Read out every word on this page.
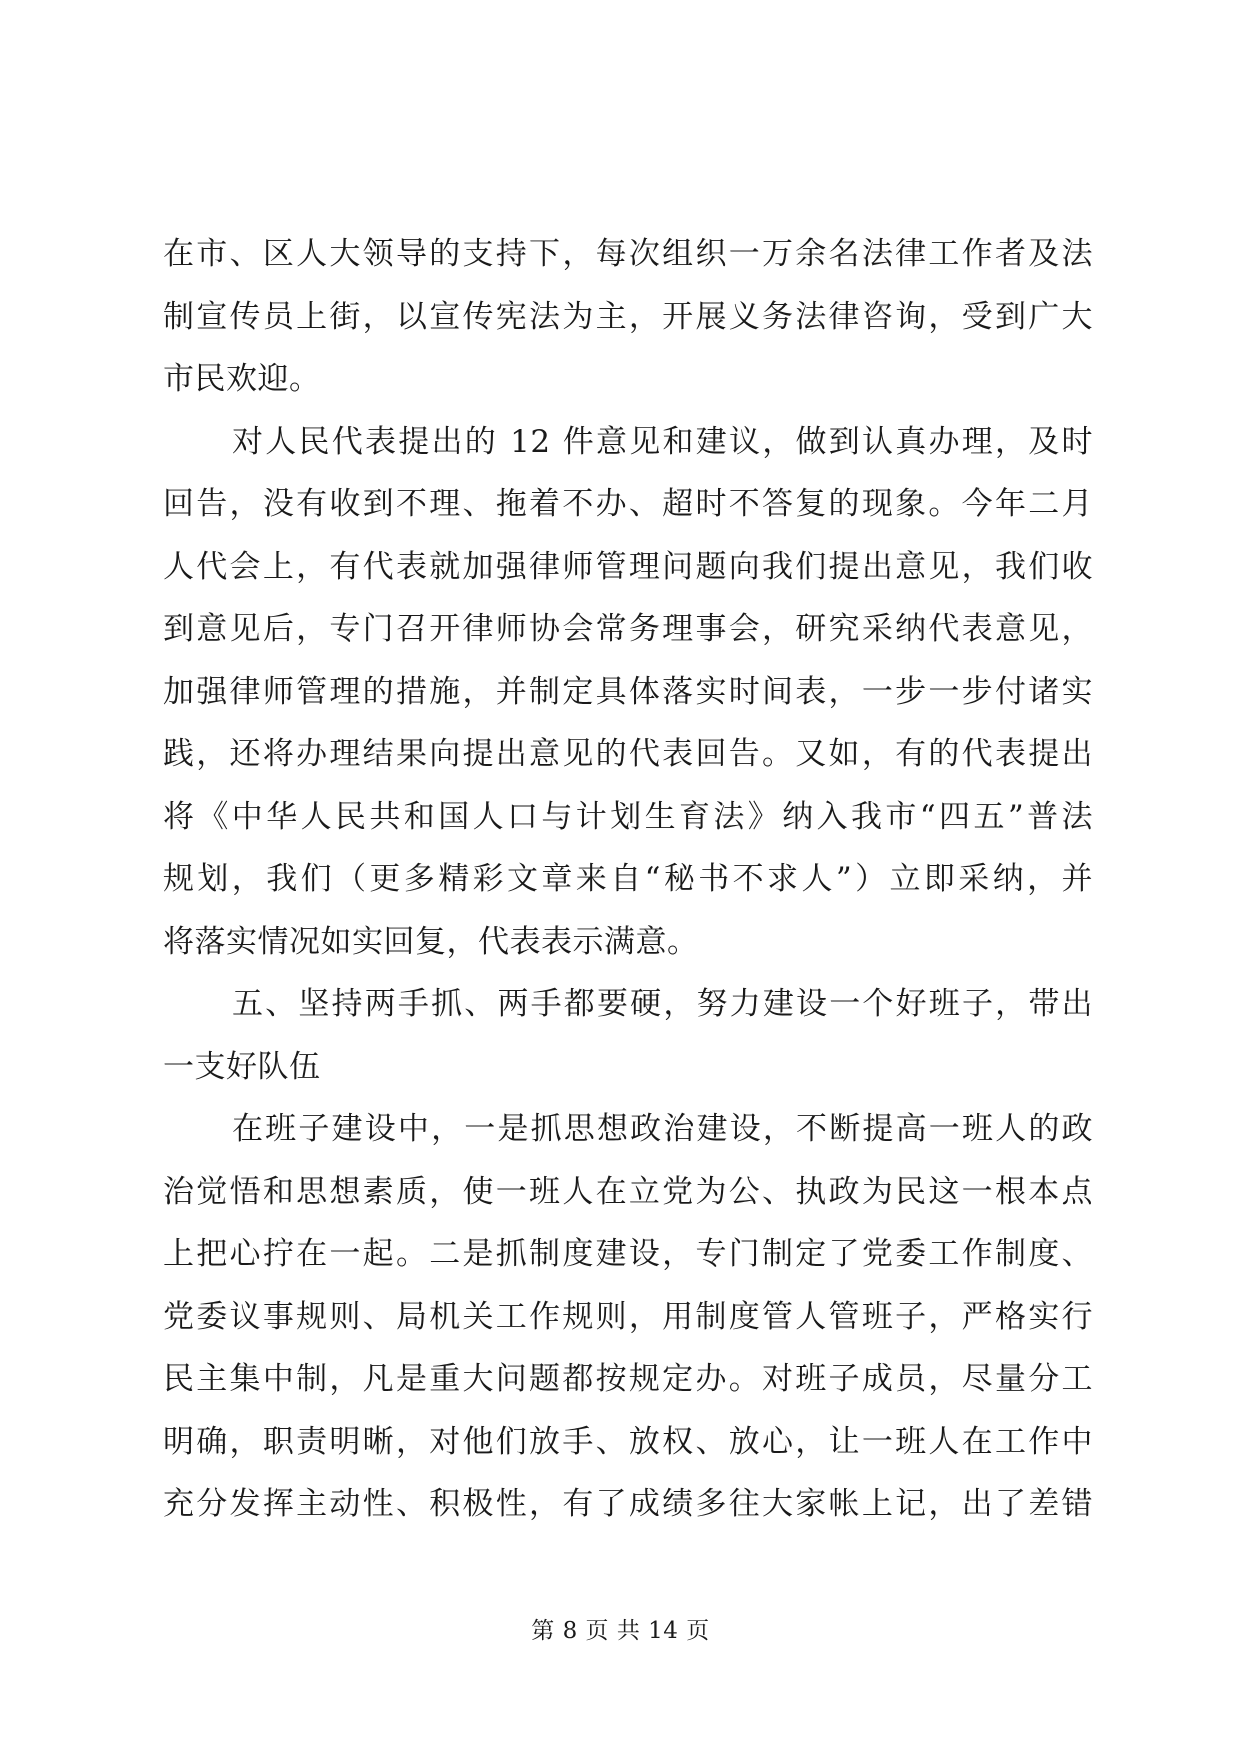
在市、区人大领导的支持下，每次组织一万余名法律工作者及法
制宣传员上街，以宣传宪法为主，开展义务法律咨询，受到广大
市民欢迎。
对人民代表提出的 12 件意见和建议，做到认真办理，及时
回告，没有收到不理、拖着不办、超时不答复的现象。今年二月
人代会上，有代表就加强律师管理问题向我们提出意见，我们收
到意见后，专门召开律师协会常务理事会，研究采纳代表意见，
加强律师管理的措施，并制定具体落实时间表，一步一步付诸实
践，还将办理结果向提出意见的代表回告。又如，有的代表提出
将《中华人民共和国人口与计划生育法》纳入我市“四五”普法
规划，我们（更多精彩文章来自“秘书不求人”）立即采纳，并
将落实情况如实回复，代表表示满意。
五、坚持两手抓、两手都要硬，努力建设一个好班子，带出
一支好队伍
在班子建设中，一是抓思想政治建设，不断提高一班人的政
治觉悟和思想素质，使一班人在立党为公、执政为民这一根本点
上把心拧在一起。二是抓制度建设，专门制定了党委工作制度、
党委议事规则、局机关工作规则，用制度管人管班子，严格实行
民主集中制，凡是重大问题都按规定办。对班子成员，尽量分工
明确，职责明晰，对他们放手、放权、放心，让一班人在工作中
充分发挥主动性、积极性，有了成绩多往大家帐上记，出了差错
第 8 页 共 14 页
